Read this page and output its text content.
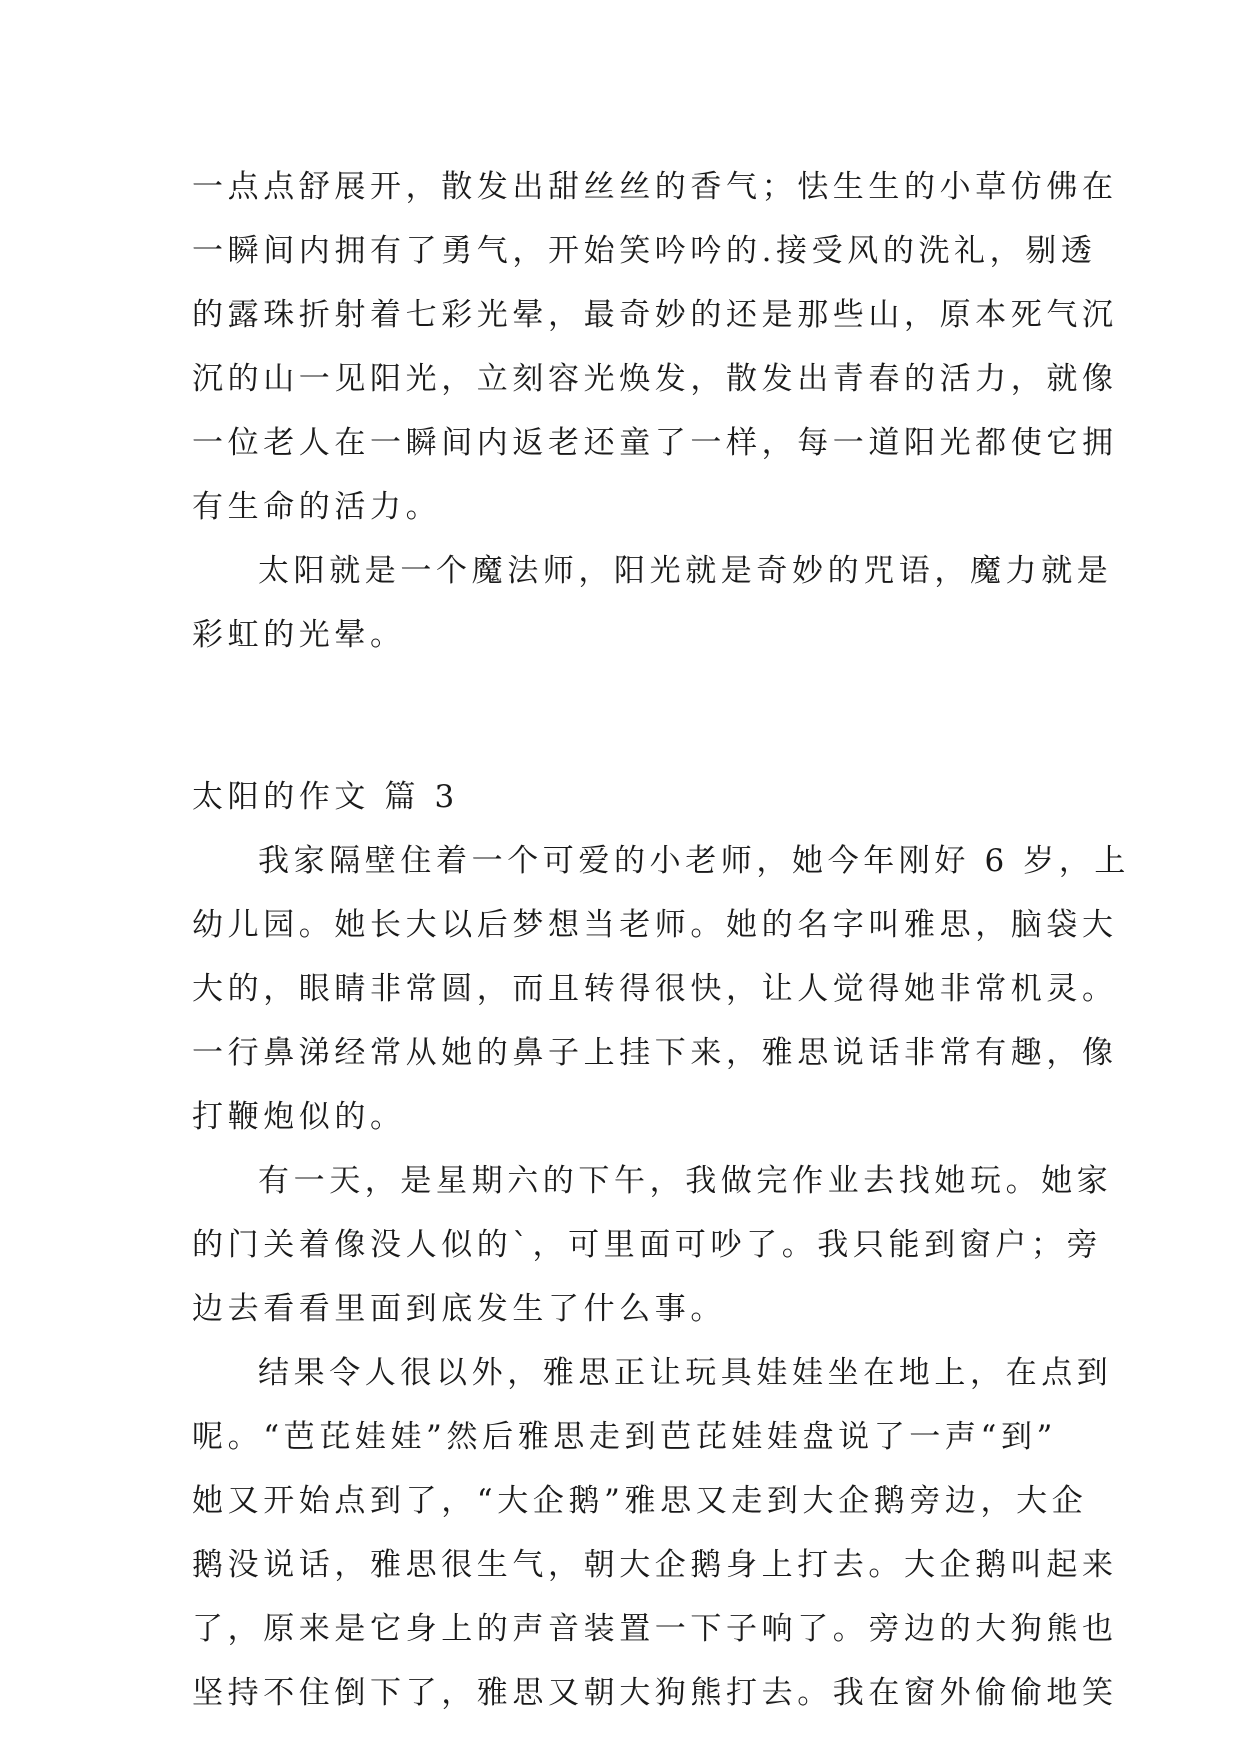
一点点舒展开，散发出甜丝丝的香气；怯生生的小草仿佛在
一瞬间内拥有了勇气，开始笑吟吟的.接受风的洗礼，剔透
的露珠折射着七彩光晕，最奇妙的还是那些山，原本死气沉
沉的山一见阳光，立刻容光焕发，散发出青春的活力，就像
一位老人在一瞬间内返老还童了一样，每一道阳光都使它拥
有生命的活力。
太阳就是一个魔法师，阳光就是奇妙的咒语，魔力就是
彩虹的光晕。
太阳的作文 篇 3
我家隔壁住着一个可爱的小老师，她今年刚好 6 岁，上
幼儿园。她长大以后梦想当老师。她的名字叫雅思，脑袋大
大的，眼睛非常圆，而且转得很快，让人觉得她非常机灵。
一行鼻涕经常从她的鼻子上挂下来，雅思说话非常有趣，像
打鞭炮似的。
有一天，是星期六的下午，我做完作业去找她玩。她家
的门关着像没人似的`，可里面可吵了。我只能到窗户；旁
边去看看里面到底发生了什么事。
结果令人很以外，雅思正让玩具娃娃坐在地上，在点到
呢。“芭芘娃娃”然后雅思走到芭芘娃娃盘说了一声“到”
她又开始点到了，“大企鹅”雅思又走到大企鹅旁边，大企
鹅没说话，雅思很生气，朝大企鹅身上打去。大企鹅叫起来
了，原来是它身上的声音装置一下子响了。旁边的大狗熊也
坚持不住倒下了，雅思又朝大狗熊打去。我在窗外偷偷地笑
